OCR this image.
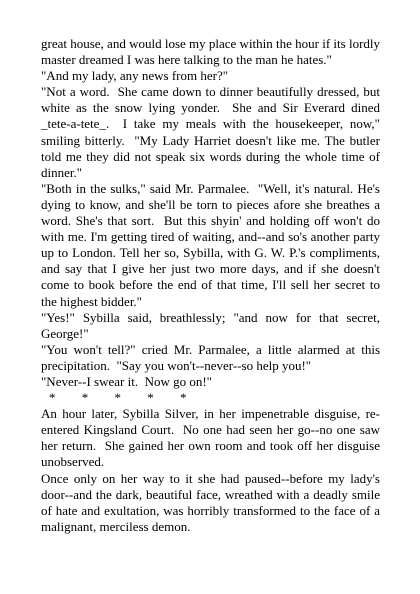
great house, and would lose my place within the hour if its lordly master dreamed I was here talking to the man he hates."

"And my lady, any news from her?"

"Not a word.  She came down to dinner beautifully dressed, but white as the snow lying yonder.  She and Sir Everard dined _tete-a-tete_.  I take my meals with the housekeeper, now," smiling bitterly.  "My Lady Harriet doesn't like me. The butler told me they did not speak six words during the whole time of dinner."

"Both in the sulks," said Mr. Parmalee.  "Well, it's natural. He's dying to know, and she'll be torn to pieces afore she breathes a word. She's that sort.  But this shyin' and holding off won't do with me. I'm getting tired of waiting, and--and so's another party up to London. Tell her so, Sybilla, with G. W. P.'s compliments, and say that I give her just two more days, and if she doesn't come to book before the end of that time, I'll sell her secret to the highest bidder."

"Yes!" Sybilla said, breathlessly; "and now for that secret, George!"

"You won't tell?" cried Mr. Parmalee, a little alarmed at this precipitation.  "Say you won't--never--so help you!"

"Never--I swear it.  Now go on!"

*     *     *     *     *

An hour later, Sybilla Silver, in her impenetrable disguise, re-entered Kingsland Court.  No one had seen her go--no one saw her return.  She gained her own room and took off her disguise unobserved.

Once only on her way to it she had paused--before my lady's door--and the dark, beautiful face, wreathed with a deadly smile of hate and exultation, was horribly transformed to the face of a malignant, merciless demon.
